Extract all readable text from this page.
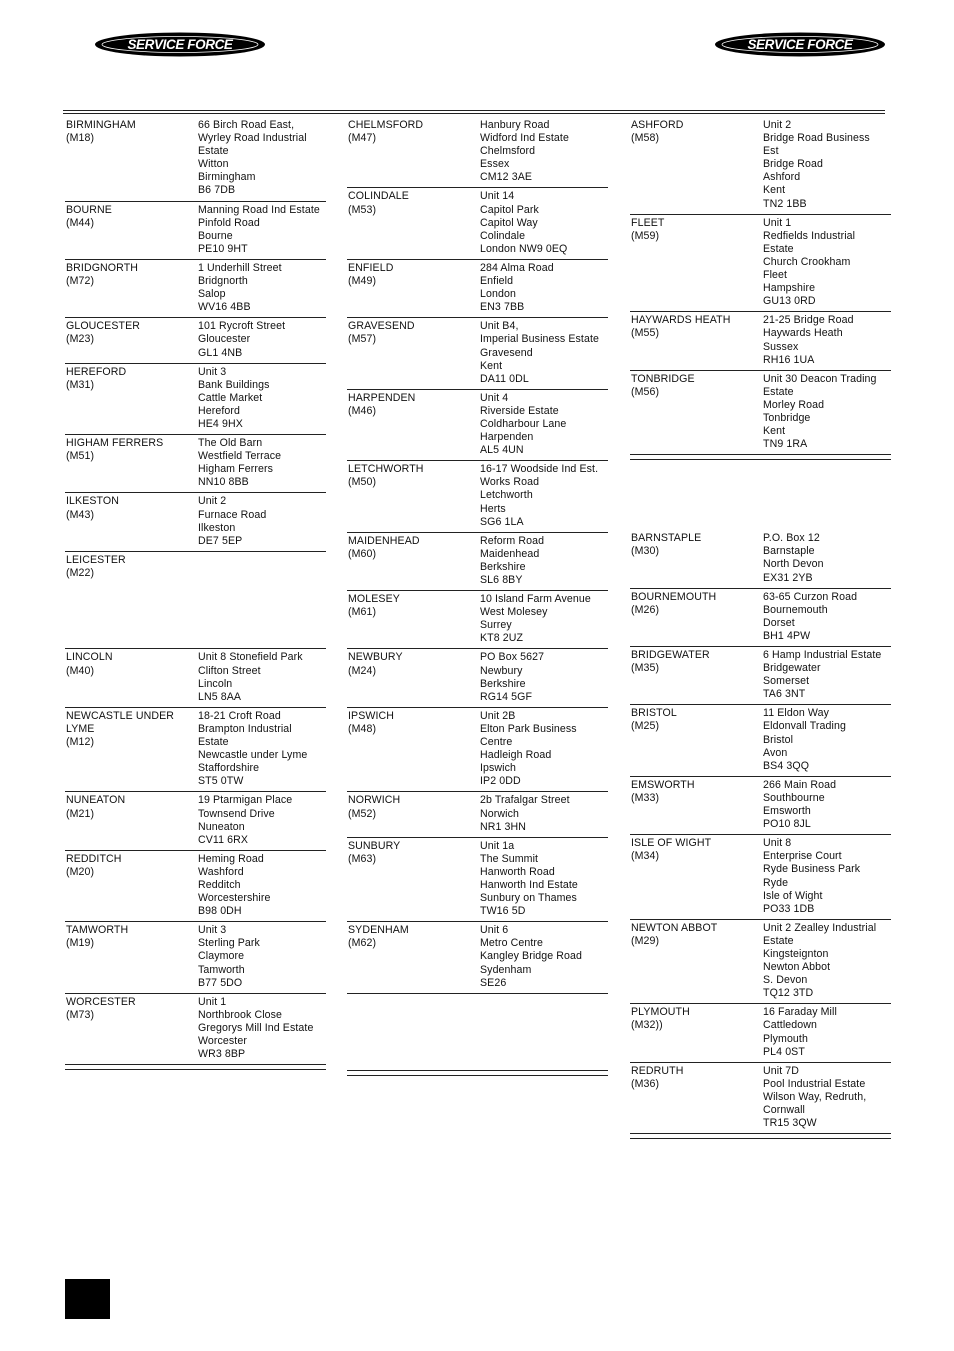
SERVICE FORCE	SERVICE FORCE
BIRMINGHAM
(M18)
66 Birch Road East,
Wyrley Road Industrial
Estate
Witton
Birmingham
B6 7DB
BOURNE
(M44)
Manning Road Ind Estate
Pinfold Road
Bourne
PE10 9HT
BRIDGNORTH
(M72)
1 Underhill Street
Bridgnorth
Salop
WV16 4BB
GLOUCESTER
(M23)
101 Rycroft Street
Gloucester
GL1 4NB
HEREFORD
(M31)
Unit 3
Bank Buildings
Cattle Market
Hereford
HE4 9HX
HIGHAM FERRERS
(M51)
The Old Barn
Westfield Terrace
Higham Ferrers
NN10 8BB
ILKESTON
(M43)
Unit 2
Furnace Road
Ilkeston
DE7 5EP
LEICESTER
(M22)

LINCOLN
(M40)
Unit 8 Stonefield Park
Clifton Street
Lincoln
LN5 8AA
NEWCASTLE UNDER
LYME
(M12)
18-21 Croft Road
Brampton Industrial
Estate
Newcastle under Lyme
Staffordshire
ST5 0TW
NUNEATON
(M21)
19 Ptarmigan Place
Townsend Drive
Nuneaton
CV11 6RX
REDDITCH
(M20)
Heming Road
Washford
Redditch
Worcestershire
B98 0DH
TAMWORTH
(M19)
Unit 3
Sterling Park
Claymore
Tamworth
B77 5DO
WORCESTER
(M73)
Unit 1
Northbrook Close
Gregorys Mill Ind Estate
Worcester
WR3 8BP
CHELMSFORD
(M47)
Hanbury Road
Widford Ind Estate
Chelmsford
Essex
CM12 3AE
COLINDALE
(M53)
Unit 14
Capitol Park
Capitol Way
Colindale
London NW9 0EQ
ENFIELD
(M49)
284 Alma Road
Enfield
London
EN3 7BB
GRAVESEND
(M57)
Unit B4,
Imperial Business Estate
Gravesend
Kent
DA11 0DL
HARPENDEN
(M46)
Unit 4
Riverside Estate
Coldharbour Lane
Harpenden
AL5 4UN
LETCHWORTH
(M50)
16-17 Woodside Ind Est.
Works Road
Letchworth
Herts
SG6 1LA
MAIDENHEAD
(M60)
Reform Road
Maidenhead
Berkshire
SL6 8BY
MOLESEY
(M61)
10 Island Farm Avenue
West Molesey
Surrey
KT8 2UZ
NEWBURY
(M24)
PO Box 5627
Newbury
Berkshire
RG14 5GF
IPSWICH
(M48)
Unit 2B
Elton Park Business
Centre
Hadleigh Road
Ipswich
IP2 0DD
NORWICH
(M52)
2b Trafalgar Street
Norwich
NR1 3HN
SUNBURY
(M63)
Unit 1a
The Summit
Hanworth Road
Hanworth Ind Estate
Sunbury on Thames
TW16 5D
SYDENHAM
(M62)
Unit 6
Metro Centre
Kangley Bridge Road
Sydenham
SE26
ASHFORD
(M58)
Unit 2
Bridge Road Business
Est
Bridge Road
Ashford
Kent
TN2 1BB
FLEET
(M59)
Unit 1
Redfields Industrial
Estate
Church Crookham
Fleet
Hampshire
GU13 0RD
HAYWARDS HEATH
(M55)
21-25 Bridge Road
Haywards Heath
Sussex
RH16 1UA
TONBRIDGE
(M56)
Unit 30 Deacon Trading
Estate
Morley Road
Tonbridge
Kent
TN9 1RA
BARNSTAPLE
(M30)
P.O. Box 12
Barnstaple
North Devon
EX31 2YB
BOURNEMOUTH
(M26)
63-65 Curzon Road
Bournemouth
Dorset
BH1 4PW
BRIDGEWATER
(M35)
6 Hamp Industrial Estate
Bridgewater
Somerset
TA6 3NT
BRISTOL
(M25)
11 Eldon Way
Eldonvall Trading
Bristol
Avon
BS4 3QQ
EMSWORTH
(M33)
266 Main Road
Southbourne
Emsworth
PO10 8JL
ISLE OF WIGHT
(M34)
Unit 8
Enterprise Court
Ryde Business Park
Ryde
Isle of Wight
PO33 1DB
NEWTON ABBOT
(M29)
Unit 2 Zealley Industrial
Estate
Kingsteignton
Newton Abbot
S. Devon
TQ12 3TD
PLYMOUTH
(M32))
16 Faraday Mill
Cattledown
Plymouth
PL4 0ST
REDRUTH
(M36)
Unit 7D
Pool Industrial Estate
Wilson Way, Redruth,
Cornwall
TR15 3QW
